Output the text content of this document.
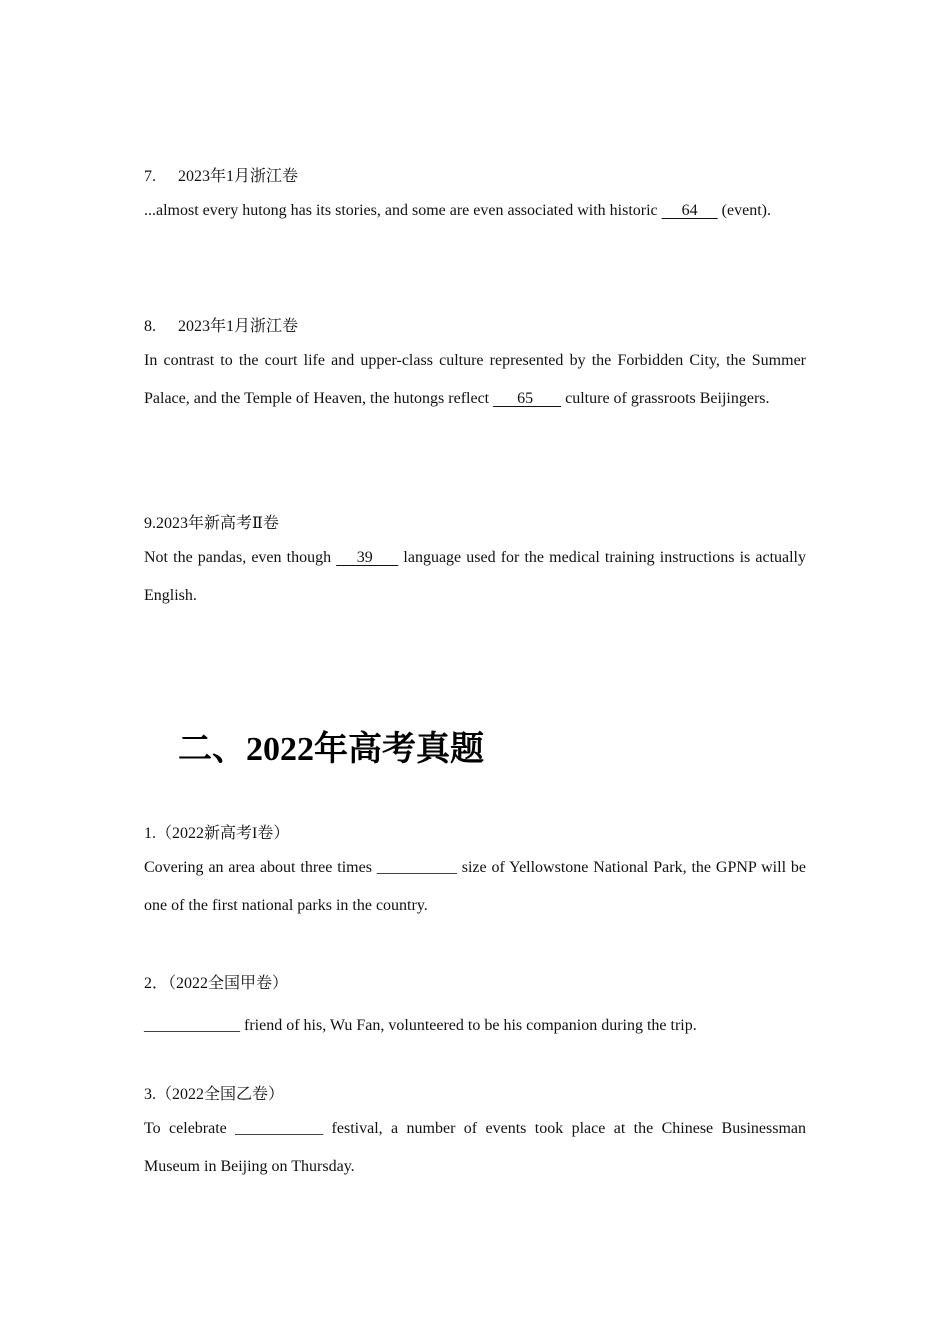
7. 2023年1月浙江卷

...almost every hutong has its stories, and some are even associated with historic      64      (event).

8. 2023年1月浙江卷

In contrast to the court life and upper-class culture represented by the Forbidden City, the Summer Palace, and the Temple of Heaven, the hutongs reflect       65        culture of grassroots Beijingers.

9.2023年新高考Ⅱ卷

Not the pandas, even though     39      language used for the medical training instructions is actually English.

二、2022年高考真题
1.（2022新高考I卷）

Covering an area about three times __________ size of Yellowstone National Park, the GPNP will be one of the first national parks in the country.

2．（2022全国甲卷）

____________ friend of his, Wu Fan, volunteered to be his companion during the trip.

3.（2022全国乙卷）

To celebrate ___________ festival, a number of events took place at the Chinese Businessman Museum in Beijing on Thursday.
